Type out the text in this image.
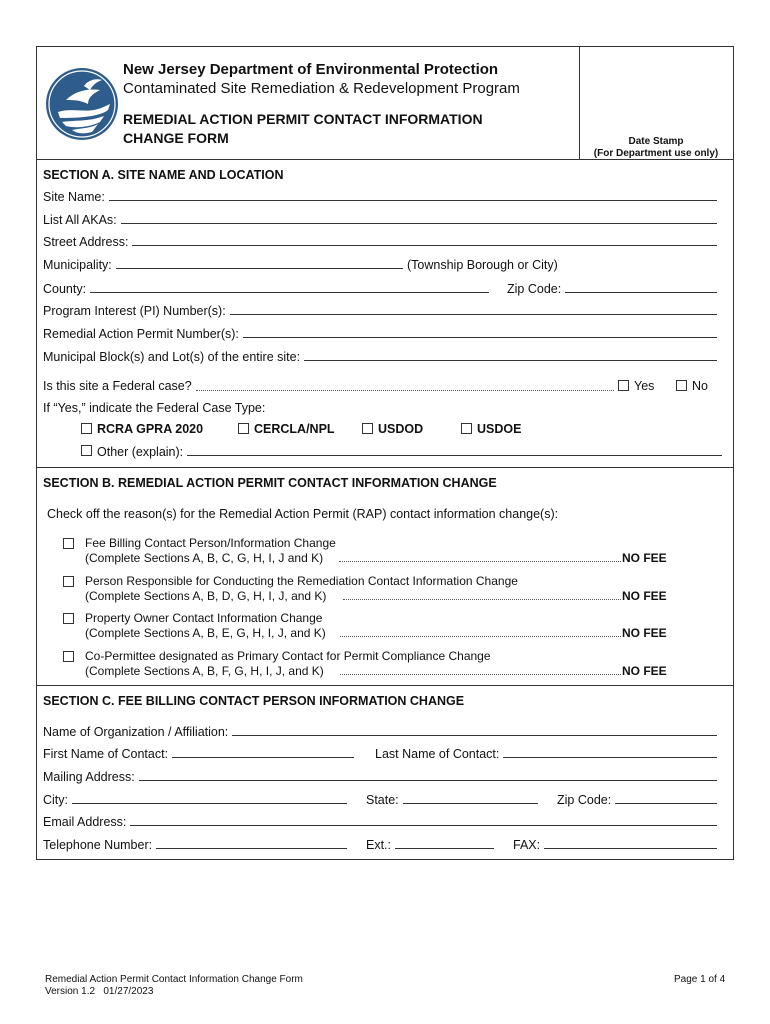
New Jersey Department of Environmental Protection
Contaminated Site Remediation & Redevelopment Program
REMEDIAL ACTION PERMIT CONTACT INFORMATION
CHANGE FORM	Date Stamp
(For Department use only)
SECTION A. SITE NAME AND LOCATION
Site Name:
List All AKAs:
Street Address:
Municipality:	(Township Borough or City)
County:	Zip Code:
Program Interest (PI) Number(s):
Remedial Action Permit Number(s):
Municipal Block(s) and Lot(s) of the entire site:
Is this site a Federal case?	Yes	No
If “Yes,” indicate the Federal Case Type:
RCRA GPRA 2020	CERCLA/NPL	USDOD	USDOE
Other (explain):
SECTION B. REMEDIAL ACTION PERMIT CONTACT INFORMATION CHANGE
Check off the reason(s) for the Remedial Action Permit (RAP) contact information change(s):
Fee Billing Contact Person/Information Change
(Complete Sections A, B, C, G, H, I, J and K)	NO FEE
Person Responsible for Conducting the Remediation Contact Information Change
(Complete Sections A, B, D, G, H, I, J, and K)	NO FEE
Property Owner Contact Information Change
(Complete Sections A, B, E, G, H, I, J, and K)	NO FEE
Co-Permittee designated as Primary Contact for Permit Compliance Change
(Complete Sections A, B, F, G, H, I, J, and K)	NO FEE
SECTION C. FEE BILLING CONTACT PERSON INFORMATION CHANGE
Name of Organization / Affiliation:
First Name of Contact:	Last Name of Contact:
Mailing Address:
City:	State:	Zip Code:
Email Address:
Telephone Number:	Ext.:	FAX:
Remedial Action Permit Contact Information Change Form
Version 1.2   01/27/2023
Page 1 of 4
